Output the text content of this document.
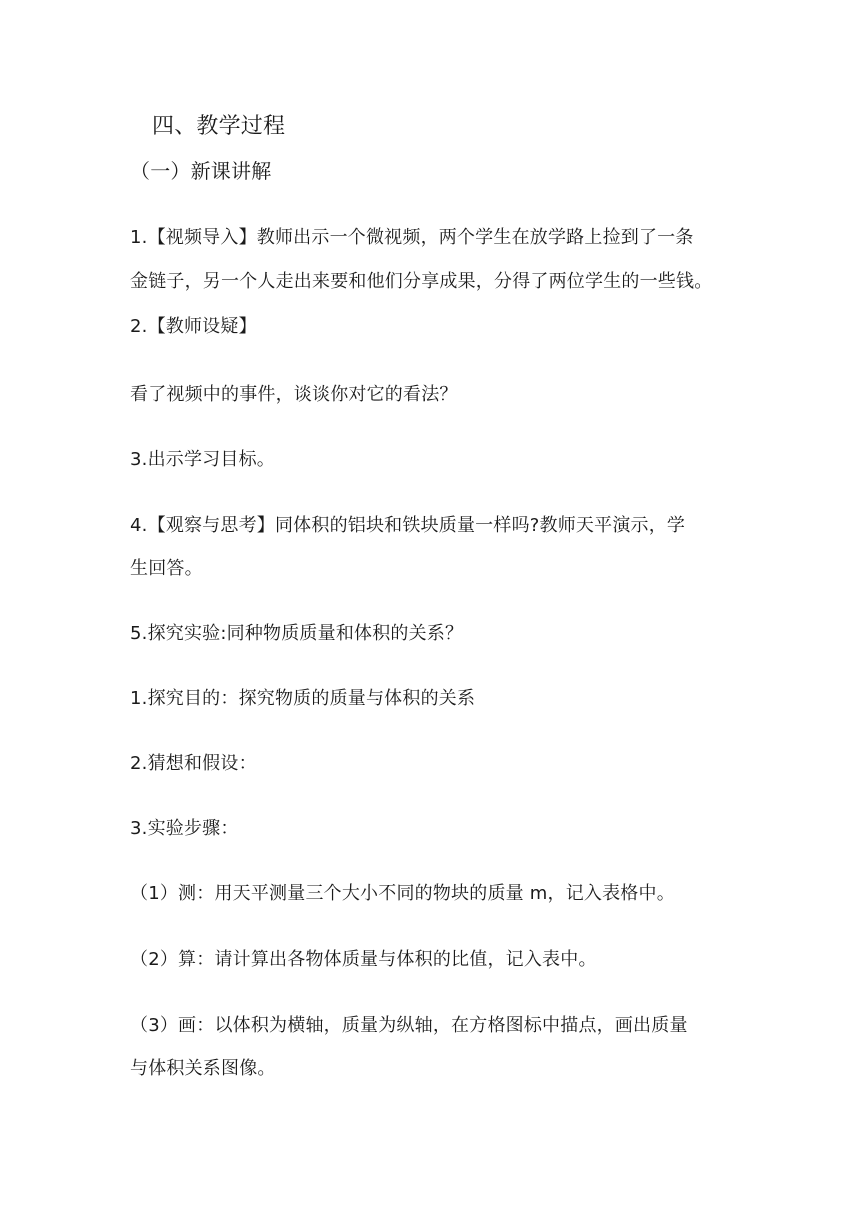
四、教学过程
（一）新课讲解
1.【视频导入】教师出示一个微视频，两个学生在放学路上捡到了一条
金链子，另一个人走出来要和他们分享成果，分得了两位学生的一些钱。
2.【教师设疑】
看了视频中的事件，谈谈你对它的看法？
3.出示学习目标。
4.【观察与思考】同体积的铝块和铁块质量一样吗?教师天平演示，学
生回答。
5.探究实验:同种物质质量和体积的关系？
1.探究目的：探究物质的质量与体积的关系
2.猜想和假设：
3.实验步骤：
（1）测：用天平测量三个大小不同的物块的质量 m，记入表格中。
（2）算：请计算出各物体质量与体积的比值，记入表中。
（3）画：以体积为横轴，质量为纵轴，在方格图标中描点，画出质量
与体积关系图像。
